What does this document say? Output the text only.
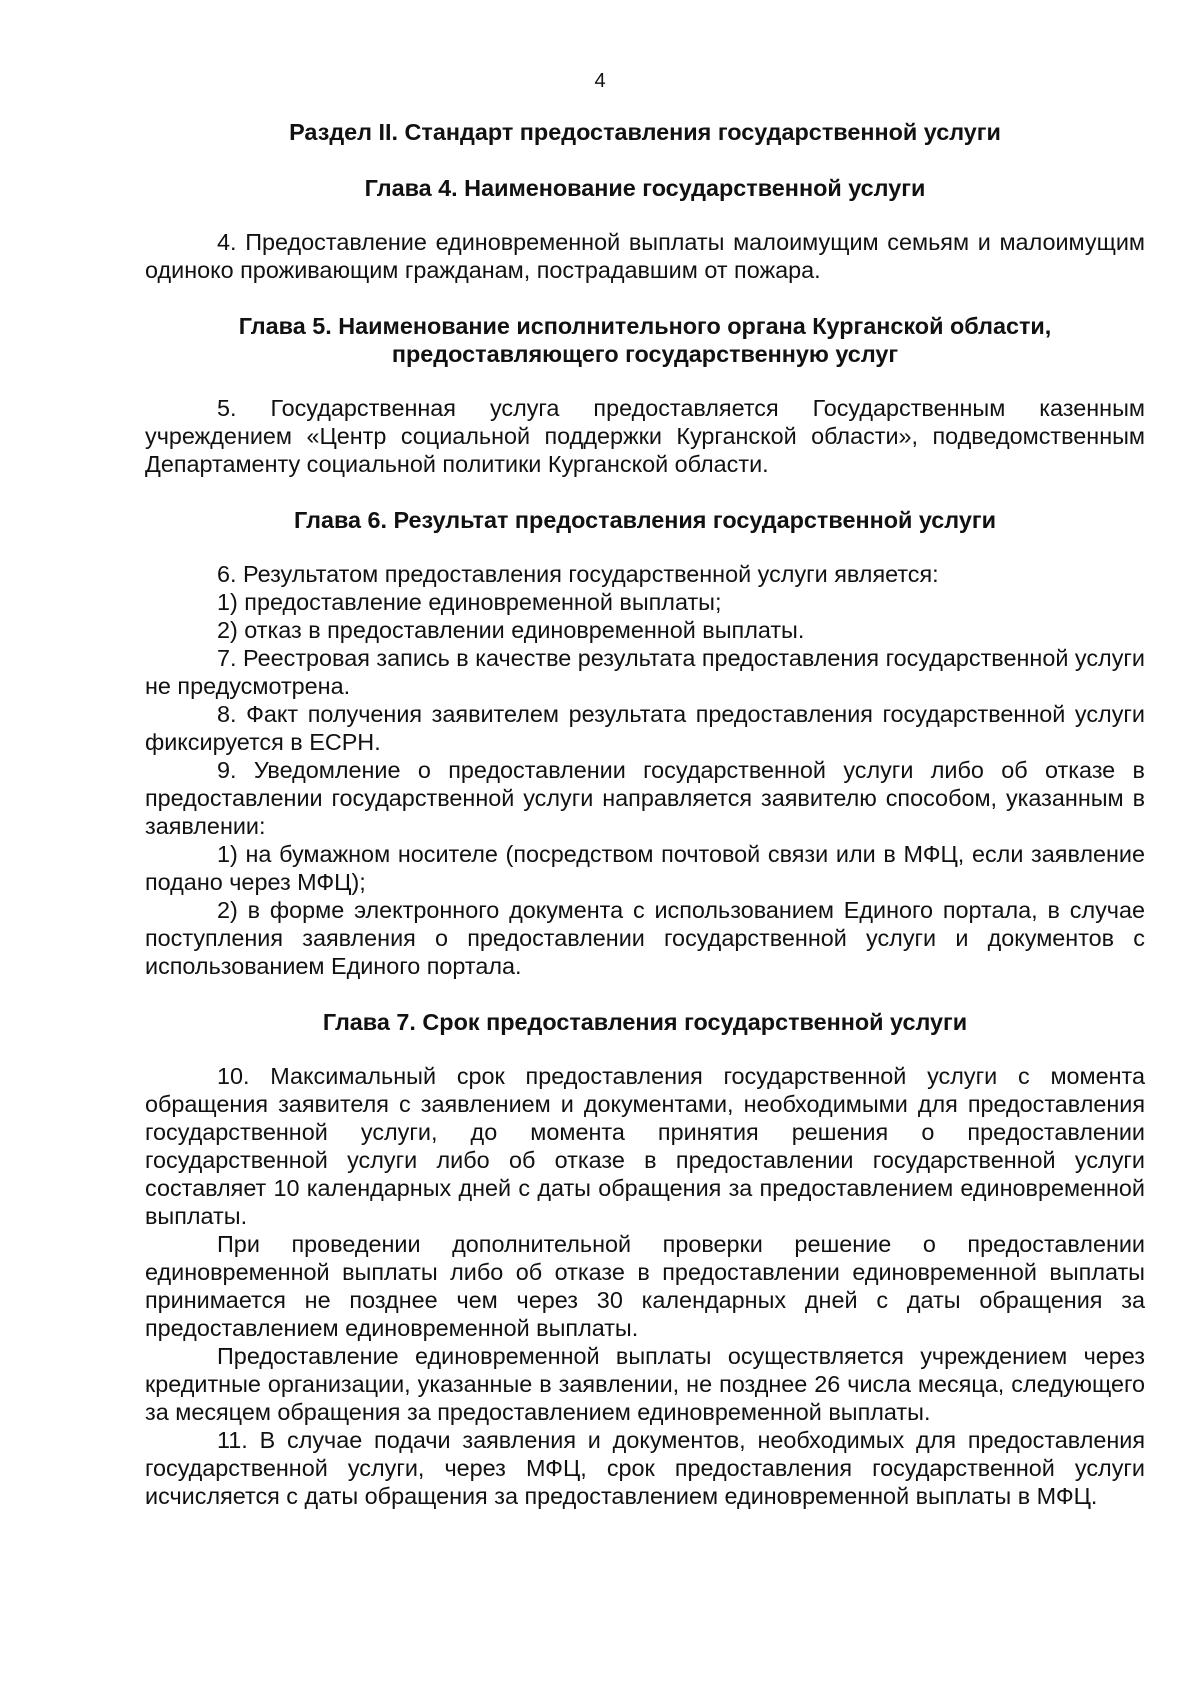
4

Раздел II. Стандарт предоставления государственной услуги

Глава 4. Наименование государственной услуги

4. Предоставление единовременной выплаты малоимущим семьям и малоимущим одиноко проживающим гражданам, пострадавшим от пожара.

Глава 5. Наименование исполнительного органа Курганской области,

предоставляющего государственную услуг

5. Государственная услуга предоставляется Государственным казенным учреждением «Центр социальной поддержки Курганской области», подведомственным Департаменту социальной политики Курганской области.

Глава 6. Результат предоставления государственной услуги

6. Результатом предоставления государственной услуги является:

1) предоставление единовременной выплаты;

2) отказ в предоставлении единовременной выплаты.

7. Реестровая запись в качестве результата предоставления государственной услуги не предусмотрена.

8. Факт получения заявителем результата предоставления государственной услуги фиксируется в ЕСРН.

9. Уведомление о предоставлении государственной услуги либо об отказе в предоставлении государственной услуги направляется заявителю способом, указанным в заявлении:

1) на бумажном носителе (посредством почтовой связи или в МФЦ, если заявление подано через МФЦ);

2) в форме электронного документа с использованием Единого портала, в случае поступления заявления о предоставлении государственной услуги и документов с использованием Единого портала.

Глава 7. Срок предоставления государственной услуги

10. Максимальный срок предоставления государственной услуги с момента обращения заявителя с заявлением и документами, необходимыми для предоставления государственной услуги, до момента принятия решения о предоставлении государственной услуги либо об отказе в предоставлении государственной услуги составляет 10 календарных дней с даты обращения за предоставлением единовременной выплаты.

При проведении дополнительной проверки решение о предоставлении единовременной выплаты либо об отказе в предоставлении единовременной выплаты принимается не позднее чем через 30 календарных дней с даты обращения за предоставлением единовременной выплаты.

Предоставление единовременной выплаты осуществляется учреждением через кредитные организации, указанные в заявлении, не позднее 26 числа месяца, следующего за месяцем обращения за предоставлением единовременной выплаты.

11. В случае подачи заявления и документов, необходимых для предоставления государственной услуги, через МФЦ, срок предоставления государственной услуги исчисляется с даты обращения за предоставлением единовременной выплаты в МФЦ.
